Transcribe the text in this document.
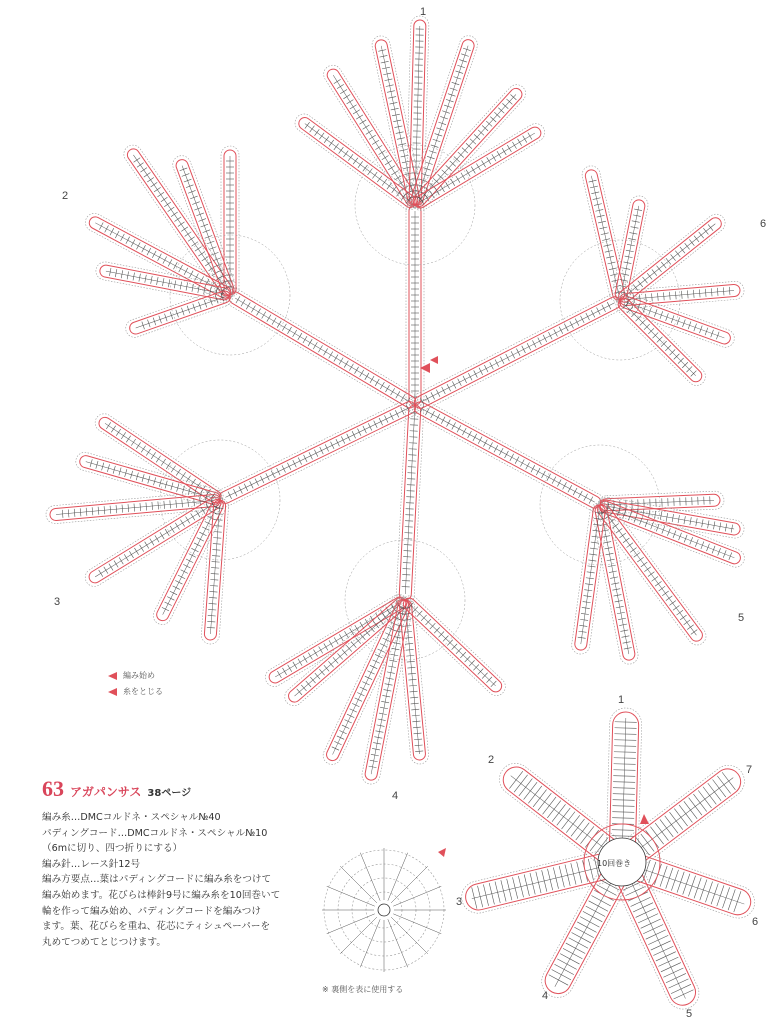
1
2
3
4
5
6
編み始め
糸をとじる
63 アガパンサス 38ページ
編み糸…DMCコルドネ・スペシャル№40
パディングコード…DMCコルドネ・スペシャル№10
（6mに切り、四つ折りにする）
編み針…レース針12号
編み方要点…葉はパディングコードに編み糸をつけて
編み始めます。花びらは棒針9号に編み糸を10回巻いて
輪を作って編み始め、パディングコードを編みつけ
ます。葉、花びらを重ね、花芯にティシュペーパーを
丸めてつめてとじつけます。
1
2
3
4
5
6
7
10回巻き
※ 裏側を表に使用する
